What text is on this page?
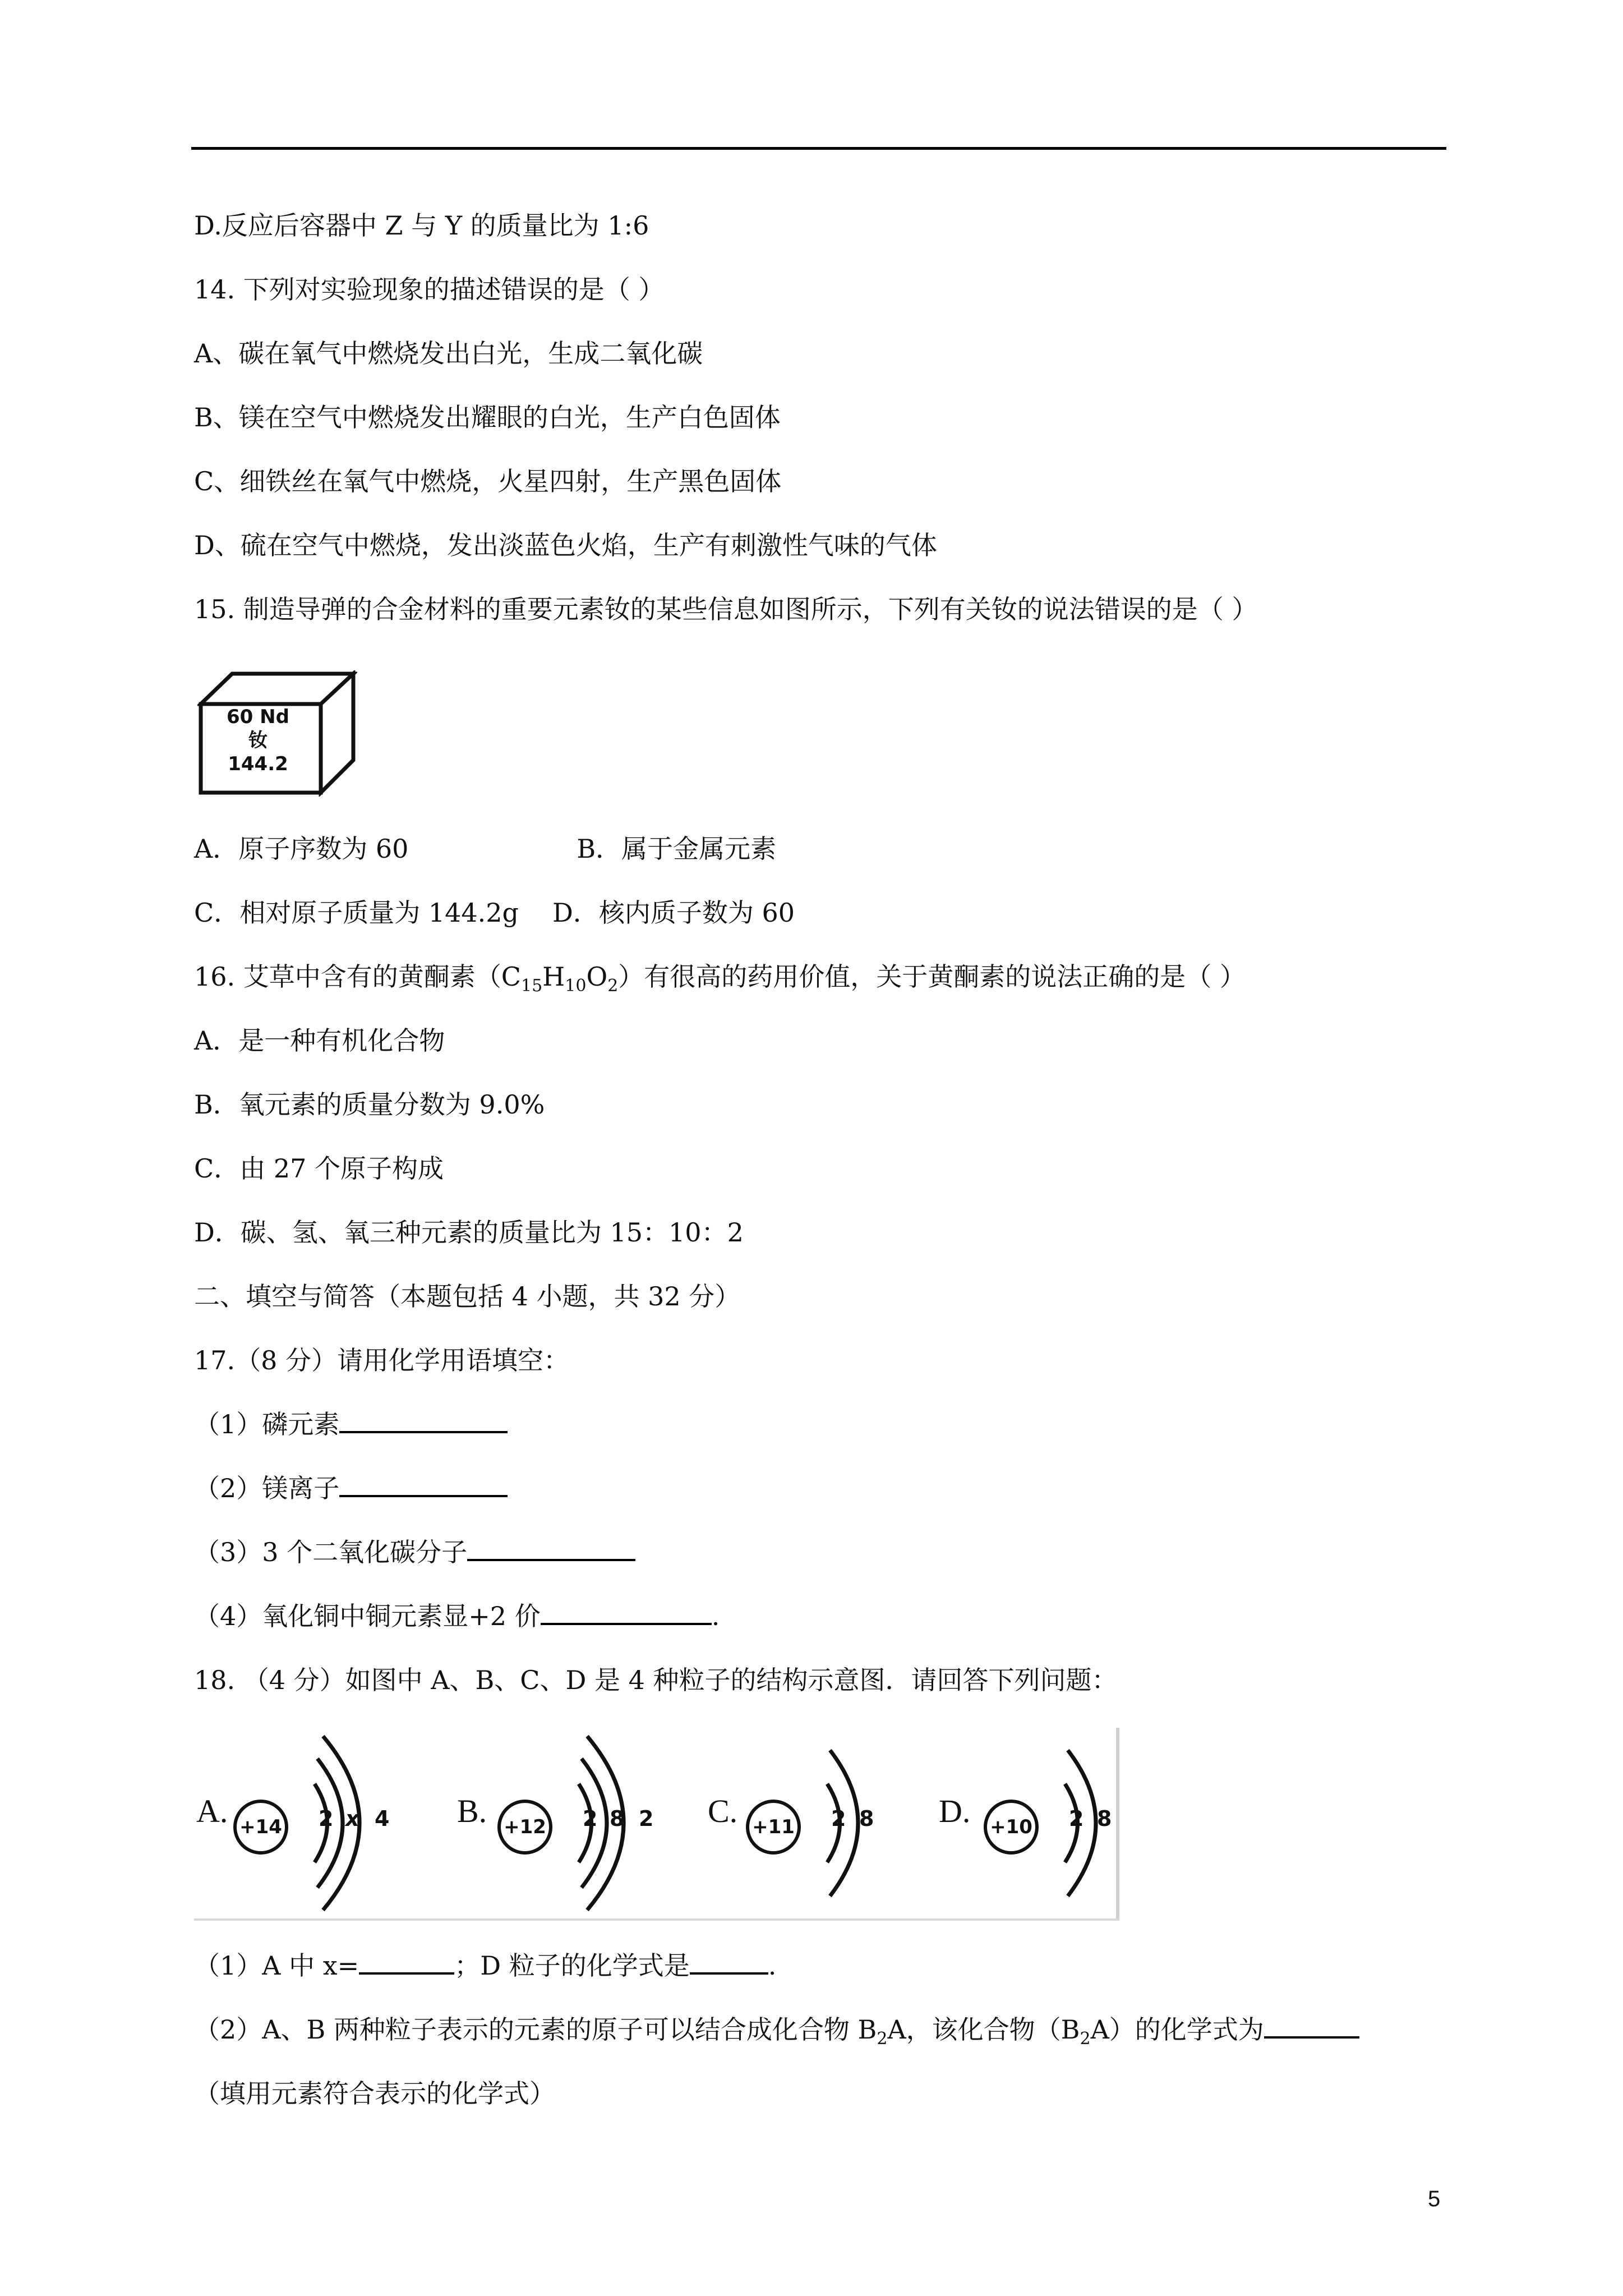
D.反应后容器中 Z 与 Y 的质量比为 1:6
14. 下列对实验现象的描述错误的是（ ）
A、碳在氧气中燃烧发出白光，生成二氧化碳
B、镁在空气中燃烧发出耀眼的白光，生产白色固体
C、细铁丝在氧气中燃烧，火星四射，生产黑色固体
D、硫在空气中燃烧，发出淡蓝色火焰，生产有刺激性气味的气体
15. 制造导弹的合金材料的重要元素钕的某些信息如图所示，下列有关钕的说法错误的是（ ）
60 Nd
钕
144.2
A．原子序数为 60	B．属于金属元素
C．相对原子质量为 144.2g D．核内质子数为 60
16. 艾草中含有的黄酮素$(C_{15}H_{10}O_2)$有很高的药用价值，关于黄酮素的说法正确的是（ ）
A．是一种有机化合物
B．氧元素的质量分数为 9.0%
C．由 27 个原子构成
D．碳、氢、氧三种元素的质量比为 15：10：2
二、填空与简答（本题包括 4 小题，共 32 分）
17.（8 分）请用化学用语填空：
（1）磷元素
（2）镁离子
（3）3 个二氧化碳分子
（4）氧化铜中铜元素显+2 价	.
18. （4 分）如图中 A、B、C、D 是 4 种粒子的结构示意图．请回答下列问题：
A. +14 2 x 4 B. +12 2 8 2 C. +11 2 8 D.	+10 2 8
（1）A 中 x=	；D 粒子的化学式是	.
（2）A、B 两种粒子表示的元素的原子可以结合成化合物 $B_2A$，该化合物$(B_2A)$的化学式为
（填用元素符合表示的化学式）
5
